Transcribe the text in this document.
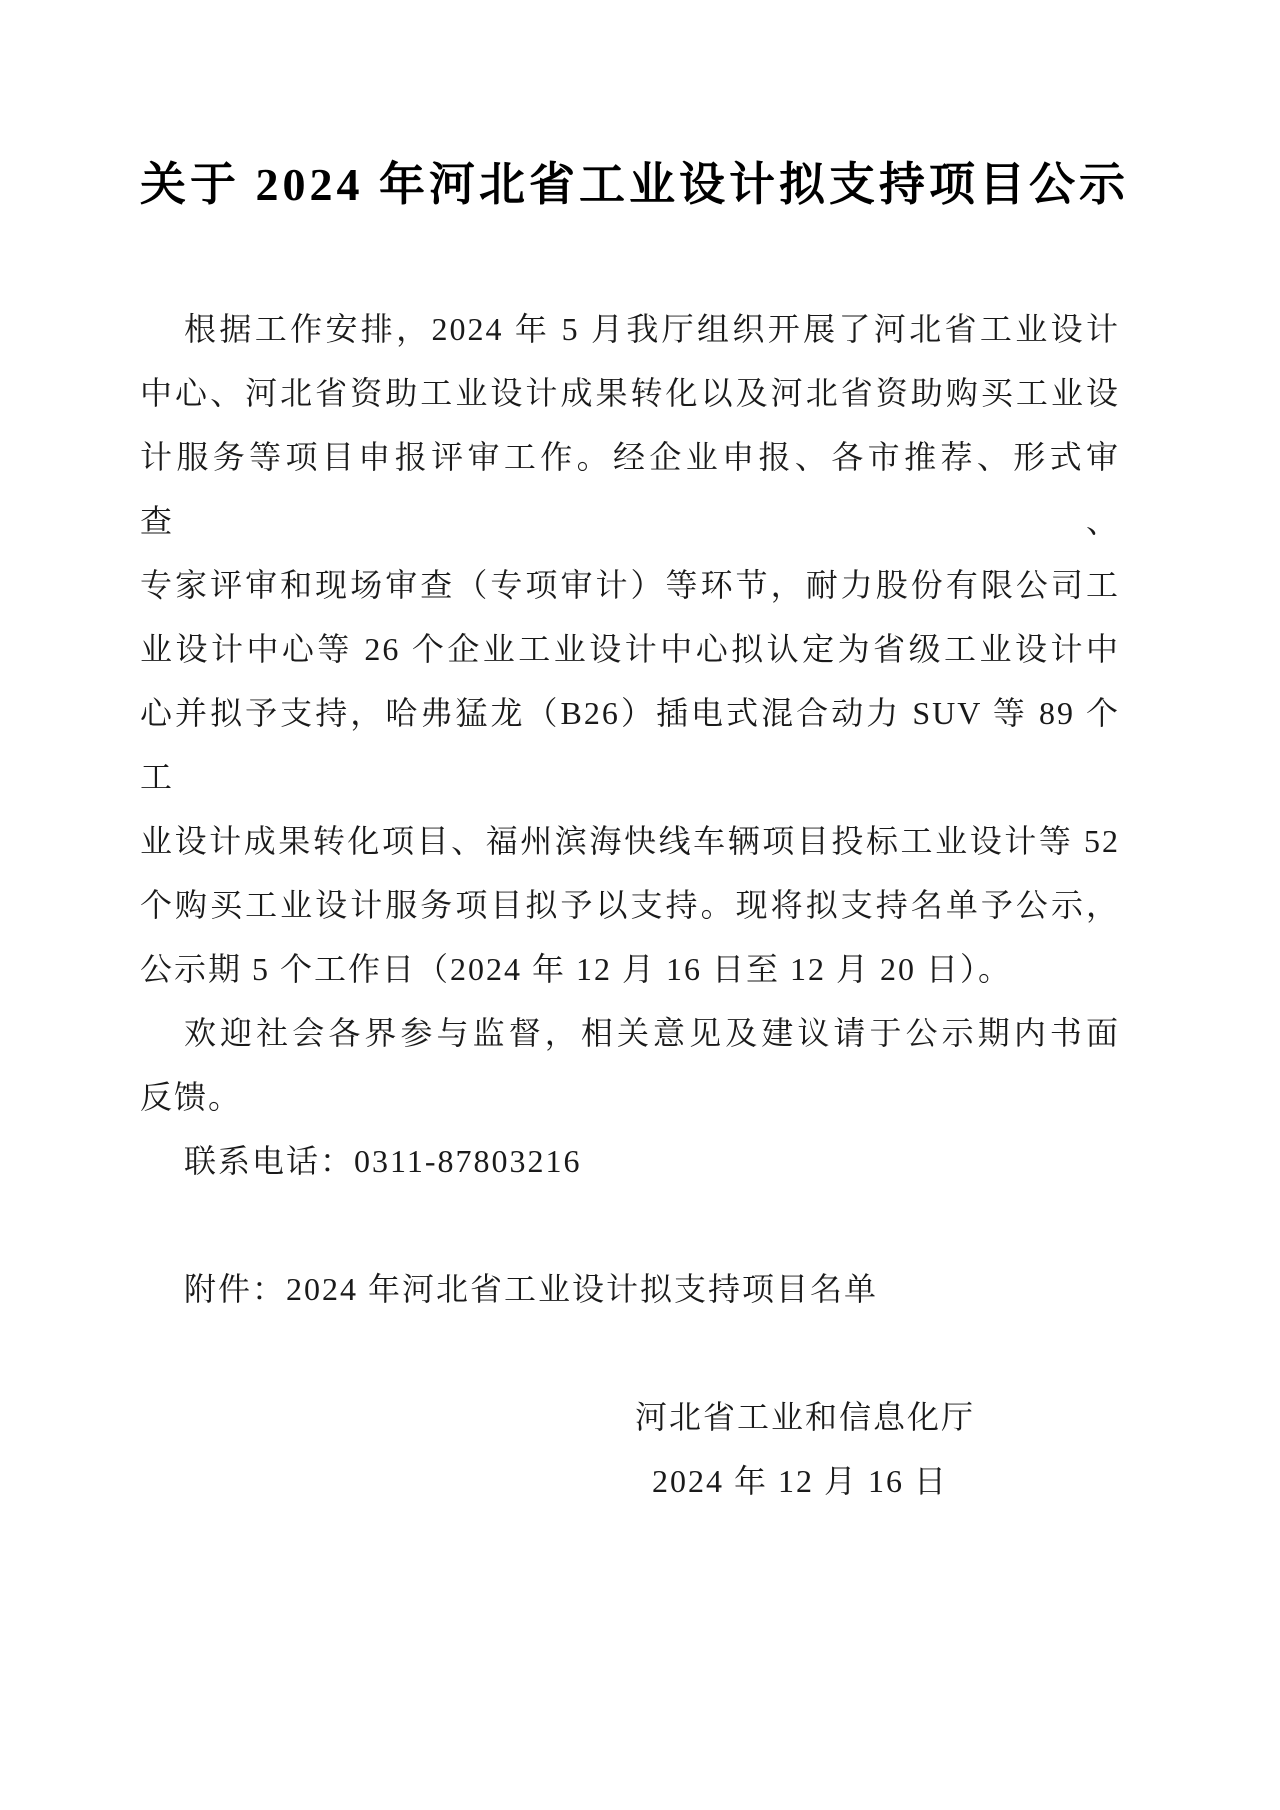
关于 2024 年河北省工业设计拟支持项目公示
根据工作安排，2024 年 5 月我厅组织开展了河北省工业设计
中心、河北省资助工业设计成果转化以及河北省资助购买工业设
计服务等项目申报评审工作。经企业申报、各市推荐、形式审查、
专家评审和现场审查（专项审计）等环节，耐力股份有限公司工
业设计中心等 26 个企业工业设计中心拟认定为省级工业设计中
心并拟予支持，哈弗猛龙（B26）插电式混合动力 SUV 等 89 个工
业设计成果转化项目、福州滨海快线车辆项目投标工业设计等 52
个购买工业设计服务项目拟予以支持。现将拟支持名单予公示，
公示期 5 个工作日（2024 年 12 月 16 日至 12 月 20 日）。
欢迎社会各界参与监督，相关意见及建议请于公示期内书面
反馈。
联系电话：0311-87803216
附件：2024 年河北省工业设计拟支持项目名单
河北省工业和信息化厅
2024 年 12 月 16 日
